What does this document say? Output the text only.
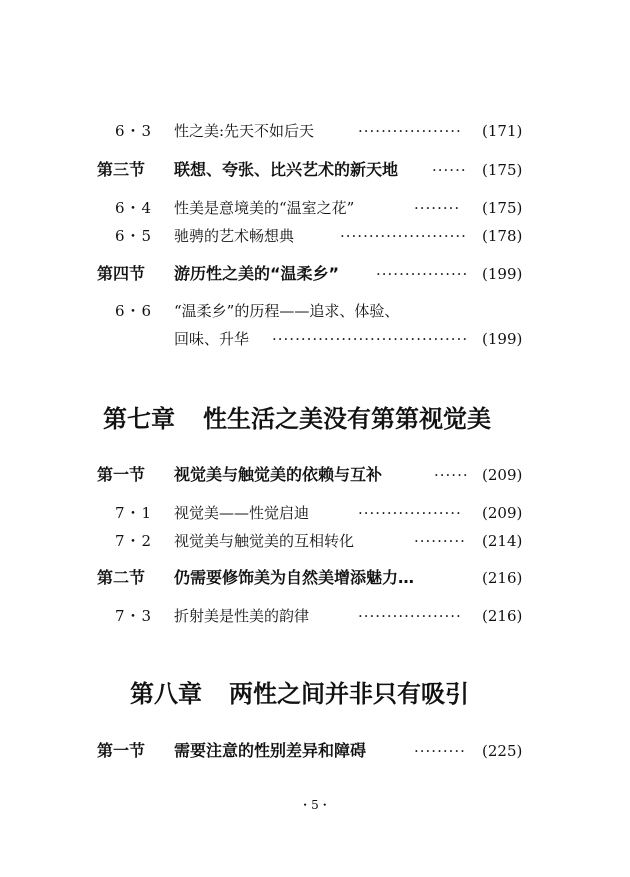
6・3 性之美:先天不如后天	··················	(171)
第三节 联想、夸张、比兴艺术的新天地 ······	(175)
6・4 性美是意境美的“温室之花”	········	(175)
6・5 驰骋的艺术畅想典	······················	(178)
第四节 游历性之美的“温柔乡” ················ (199)
6・6 “温柔乡”的历程——追求、体验、
回味、升华 ·································· (199)
第七章 性生活之美没有第第视觉美
第一节 视觉美与触觉美的依赖与互补	······ (209)
7・1 视觉美——性觉启迪	··················	(209)
7・2 视觉美与触觉美的互相转化	·········	(214)
第二节 仍需要修饰美为自然美增添魅力…	(216)
7・3 折射美是性美的韵律	··················	(216)
第八章 两性之间并非只有吸引
第一节 需要注意的性别差异和障碍	·········	(225)
・5・
